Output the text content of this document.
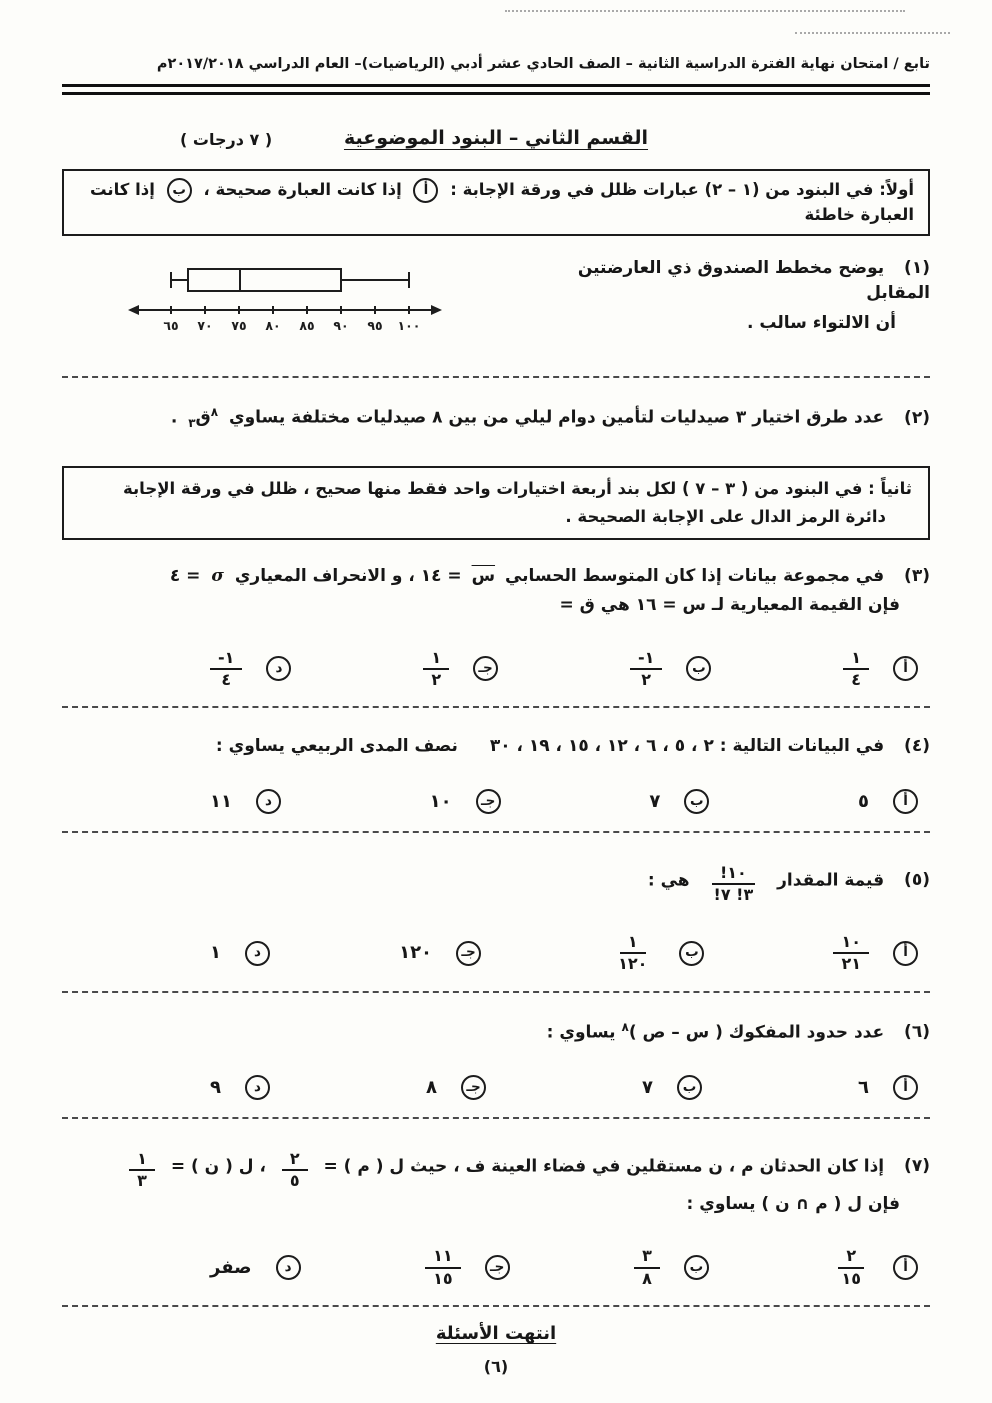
تابع / امتحان نهاية الفترة الدراسية الثانية – الصف الحادي عشر أدبي (الرياضيات)– العام الدراسي ٢٠١٧/٢٠١٨م
( ٧ درجات )	القسم الثاني – البنود الموضوعية
أولاً: في البنود من (١ – ٢) عبارات ظلل في ورقة الإجابة : أ إذا كانت العبارة صحيحة ، ب إذا كانت العبارة خاطئة
(١) يوضح مخطط الصندوق ذي العارضتين المقابل
أن الالتواء سالب .
٦٥ ٧٠ ٧٥ ٨٠ ٨٥ ٩٠ ٩٥ ١٠٠
(٢) عدد طرق اختيار ٣ صيدليات لتأمين دوام ليلي من بين ٨ صيدليات مختلفة يساوي $^٨$ق$_٣$ .
ثانياً : في البنود من ( ٣ – ٧ ) لكل بند أربعة اختيارات واحد فقط منها صحيح ، ظلل في ورقة الإجابة
دائرة الرمز الدال على الإجابة الصحيحة .
(٣) في مجموعة بيانات إذا كان المتوسط الحسابي س = ١٤ ، و الانحراف المعياري σ = ٤
فإن القيمة المعيارية لـ س = ١٦ هي ق =
أ
$\frac{١}{٤}$
ب
$\frac{-١}{٢}$
جـ
$\frac{١}{٢}$
د
$\frac{-١}{٤}$
(٤) في البيانات التالية : ٢ ، ٥ ، ٦ ، ١٢ ، ١٥ ، ١٩ ، ٣٠ نصف المدى الربيعي يساوي :
أ
٥
ب
٧
جـ
١٠
د
١١
(٥) قيمة المقدار
$\frac{١٠!}{٣! ٧!}$
هي :
أ
$\frac{١٠}{٢١}$
ب
$\frac{١}{١٢٠}$
جـ
١٢٠
د
١
(٦) عدد حدود المفكوك ( س – ص )$^٨$ يساوي :
أ
٦
ب
٧
جـ
٨
د
٩
(٧) إذا كان الحدثان م ، ن مستقلين في فضاء العينة ف ، حيث ل ( م ) =
$\frac{٢}{٥}$
، ل ( ن ) =
$\frac{١}{٣}$
فإن ل ( م ∩ ن ) يساوي :
أ
$\frac{٢}{١٥}$
ب
$\frac{٣}{٨}$
جـ
$\frac{١١}{١٥}$
د
صفر
انتهت الأسئلة
(٦)
